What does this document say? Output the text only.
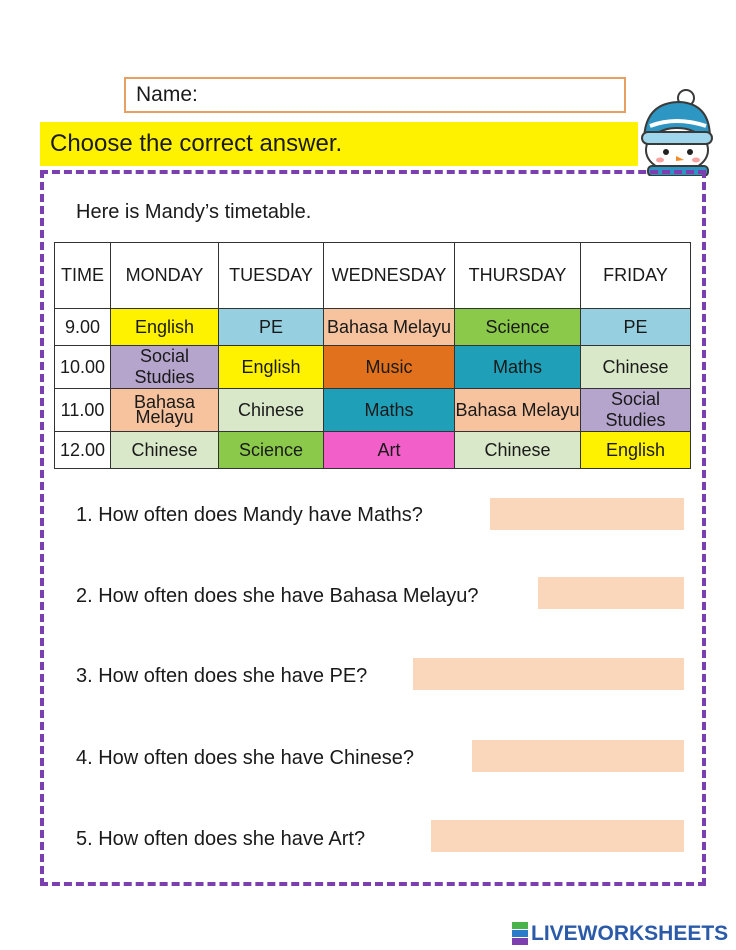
Name:
Choose the correct answer.
Here is Mandy’s timetable.
TIME	MONDAY	TUESDAY	WEDNESDAY	THURSDAY	FRIDAY
9.00	English	PE	Bahasa Melayu	Science	PE
10.00	Social Studies	English	Music	Maths	Chinese
11.00	Bahasa Melayu	Chinese	Maths	Bahasa Melayu	Social Studies
12.00	Chinese	Science	Art	Chinese	English
1. How often does Mandy have Maths?
2. How often does she have Bahasa Melayu?
3. How often does she have PE?
4. How often does she have Chinese?
5. How often does she have Art?
LIVEWORKSHEETS
